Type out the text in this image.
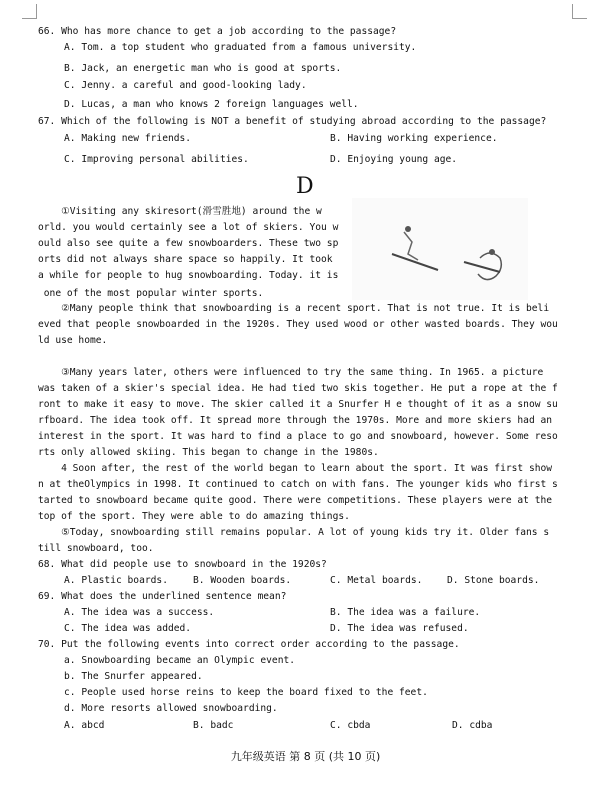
66. Who has more chance to get a job according to the passage?
A. Tom. a top student who graduated from a famous university.
B. Jack, an energetic man who is good at sports.
C. Jenny. a careful and good-looking lady.
D. Lucas, a man who knows 2 foreign languages well.
67. Which of the following is NOT a benefit of studying abroad according to the passage?
A. Making new friends.	B. Having working experience.
C. Improving personal abilities.	D. Enjoying young age.
D
①Visiting any skiresort(滑雪胜地) around the w
orld. you would certainly see a lot of skiers. You w
ould also see quite a few snowboarders. These two sp
orts did not always share space so happily. It took
a while for people to hug snowboarding. Today. it is
one of the most popular winter sports.
②Many people think that snowboarding is a recent sport. That is not true. It is beli
eved that people snowboarded in the 1920s. They used wood or other wasted boards. They wou
ld use home.
③Many years later, others were influenced to try the same thing. In 1965. a picture
was taken of a skier's special idea. He had tied two skis together. He put a rope at the f
ront to make it easy to move. The skier called it a Snurfer H e thought of it as a snow su
rfboard. The idea took off. It spread more through the 1970s. More and more skiers had an
interest in the sport. It was hard to find a place to go and snowboard, however. Some reso
rts only allowed skiing. This began to change in the 1980s.
4 Soon after, the rest of the world began to learn about the sport. It was first show
n at theOlympics in 1998. It continued to catch on with fans. The younger kids who first s
tarted to snowboard became quite good. There were competitions. These players were at the
top of the sport. They were able to do amazing things.
⑤Today, snowboarding still remains popular. A lot of young kids try it. Older fans s
till snowboard, too.
68. What did people use to snowboard in the 1920s?
A. Plastic boards.	B. Wooden boards.	C. Metal boards.	D. Stone boards.
69. What does the underlined sentence mean?
A. The idea was a success.	B. The idea was a failure.
C. The idea was added.	D. The idea was refused.
70. Put the following events into correct order according to the passage.
a. Snowboarding became an Olympic event.
b. The Snurfer appeared.
c. People used horse reins to keep the board fixed to the feet.
d. More resorts allowed snowboarding.
A. abcd	B. badc	C. cbda	D. cdba
九年级英语 第 8 页 (共 10 页)
